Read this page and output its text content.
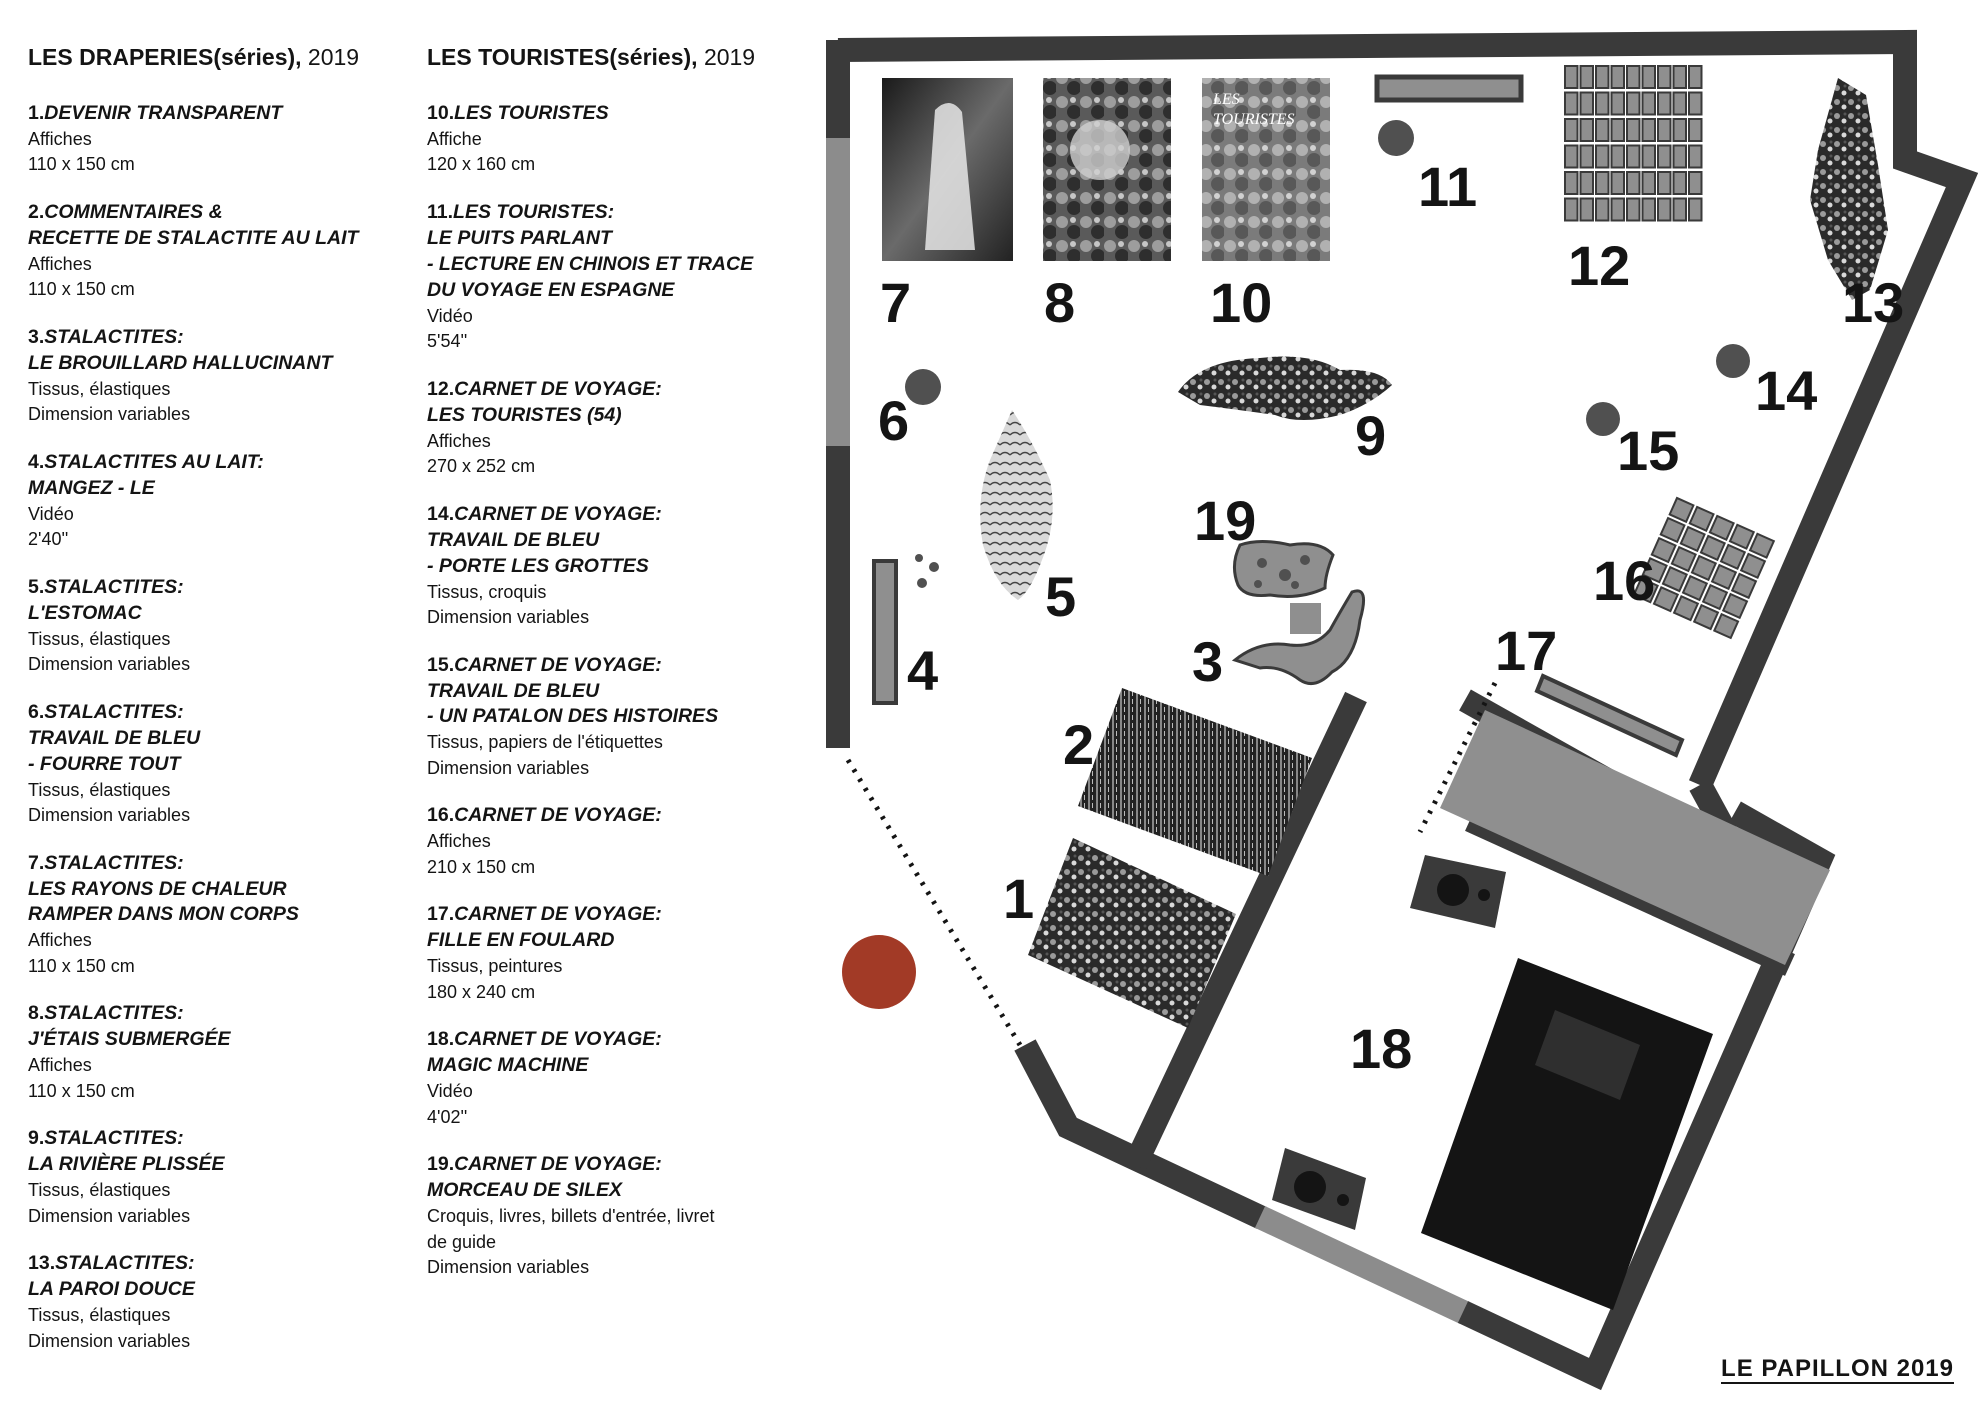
LES DRAPERIES(séries), 2019
1.DEVENIR TRANSPARENT
Affiches
110 x 150 cm
2.COMMENTAIRES &
RECETTE DE STALACTITE AU LAIT
Affiches
110 x 150 cm
3.STALACTITES:
LE BROUILLARD HALLUCINANT
Tissus, élastiques
Dimension variables
4.STALACTITES AU LAIT:
MANGEZ - LE
Vidéo
2'40''
5.STALACTITES:
L'ESTOMAC
Tissus, élastiques
Dimension variables
6.STALACTITES:
TRAVAIL DE BLEU
- FOURRE TOUT
Tissus, élastiques
Dimension variables
7.STALACTITES:
LES RAYONS DE CHALEUR
RAMPER DANS MON CORPS
Affiches
110 x 150 cm
8.STALACTITES:
J'ÉTAIS SUBMERGÉE
Affiches
110 x 150 cm
9.STALACTITES:
LA RIVIÈRE PLISSÉE
Tissus, élastiques
Dimension variables
13.STALACTITES:
LA PAROI DOUCE
Tissus, élastiques
Dimension variables
LES TOURISTES(séries), 2019
10.LES TOURISTES
Affiche
120 x 160 cm
11.LES TOURISTES:
LE PUITS PARLANT
- LECTURE EN CHINOIS ET TRACE
DU VOYAGE EN ESPAGNE
Vidéo
5'54''
12.CARNET DE VOYAGE:
LES TOURISTES (54)
Affiches
270 x 252 cm
14.CARNET DE VOYAGE:
TRAVAIL DE BLEU
- PORTE LES GROTTES
Tissus, croquis
Dimension variables
15.CARNET DE VOYAGE:
TRAVAIL DE BLEU
- UN PATALON DES HISTOIRES
Tissus, papiers de l'étiquettes
Dimension variables
16.CARNET DE VOYAGE:
Affiches
210 x 150 cm
17.CARNET DE VOYAGE:
FILLE EN FOULARD
Tissus, peintures
180 x 240 cm
18.CARNET DE VOYAGE:
MAGIC MACHINE
Vidéo
4'02''
19.CARNET DE VOYAGE:
MORCEAU DE SILEX
Croquis, livres, billets d'entrée, livret
de guide
Dimension variables
LES
TOURISTES
1
2
3
4
5
6
7 8
9
10
11
12
13
14
15
16
17
18
19
LE PAPILLON 2019
